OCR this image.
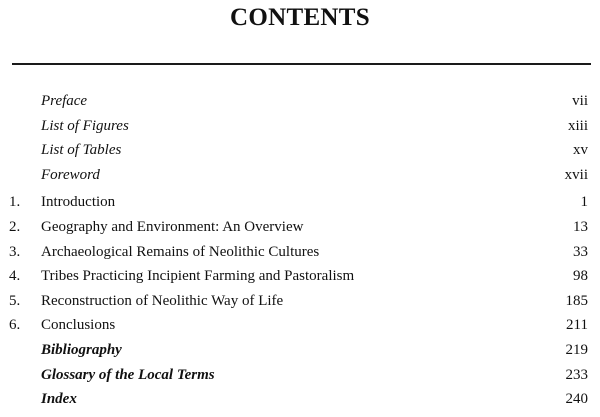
CONTENTS
Preface	vii
List of Figures	xiii
List of Tables	xv
Foreword	xvii
1. Introduction	1
2. Geography and Environment: An Overview	13
3. Archaeological Remains of Neolithic Cultures	33
4. Tribes Practicing Incipient Farming and Pastoralism	98
5. Reconstruction of Neolithic Way of Life	185
6. Conclusions	211
Bibliography	219
Glossary of the Local Terms	233
Index	240
